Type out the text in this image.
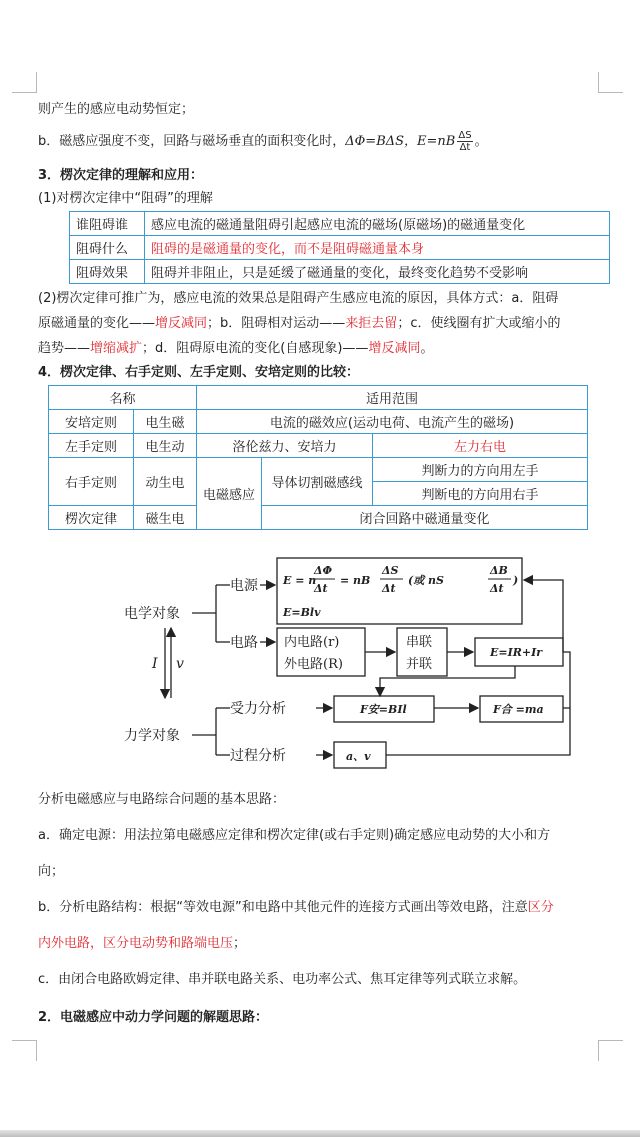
则产生的感应电动势恒定；
b．磁感应强度不变，回路与磁场垂直的面积变化时，ΔΦ=BΔS，$E=nB \frac{\Delta S}{\Delta t}$ 。
3．楞次定律的理解和应用：
(1)对楞次定律中“阻碍”的理解
谁阻碍谁	感应电流的磁通量阻碍引起感应电流的磁场(原磁场)的磁通量变化
阻碍什么	阻碍的是磁通量的变化，而不是阻碍磁通量本身
阻碍效果	阻碍并非阻止，只是延缓了磁通量的变化，最终变化趋势不受影响
(2)楞次定律可推广为，感应电流的效果总是阻碍产生感应电流的原因，具体方式：a．阻碍
原磁通量的变化——增反减同；b．阻碍相对运动——来拒去留；c．使线圈有扩大或缩小的
趋势——增缩减扩；d．阻碍原电流的变化(自感现象)——增反减同。
4．楞次定律、右手定则、左手定则、安培定则的比较：
名称		适用范围		
安培定则	电生磁	电流的磁效应(运动电荷、电流产生的磁场)		
左手定则	电生动	洛伦兹力、安培力		左力右电
右手定则	动生电	电磁感应	导体切割磁感线	判断力的方向用左手
				判断电的方向用右手
楞次定律	磁生电		闭合回路中磁通量变化	
电学对象
力学对象
电源
电路
I v
受力分析
过程分析
E = n
ΔΦ
Δt
= nB
ΔS
Δt
(或 nS
ΔB
Δt
)
E=Blv
E=IR+Ir
F安=BIl	F合 =ma
a、v
内电路(r)
外电路(R)
串联
并联
分析电磁感应与电路综合问题的基本思路：
a．确定电源：用法拉第电磁感应定律和楞次定律(或右手定则)确定感应电动势的大小和方
向；
b．分析电路结构：根据“等效电源”和电路中其他元件的连接方式画出等效电路，注意区分
内外电路，区分电动势和路端电压；
c．由闭合电路欧姆定律、串并联电路关系、电功率公式、焦耳定律等列式联立求解。
2．电磁感应中动力学问题的解题思路：
